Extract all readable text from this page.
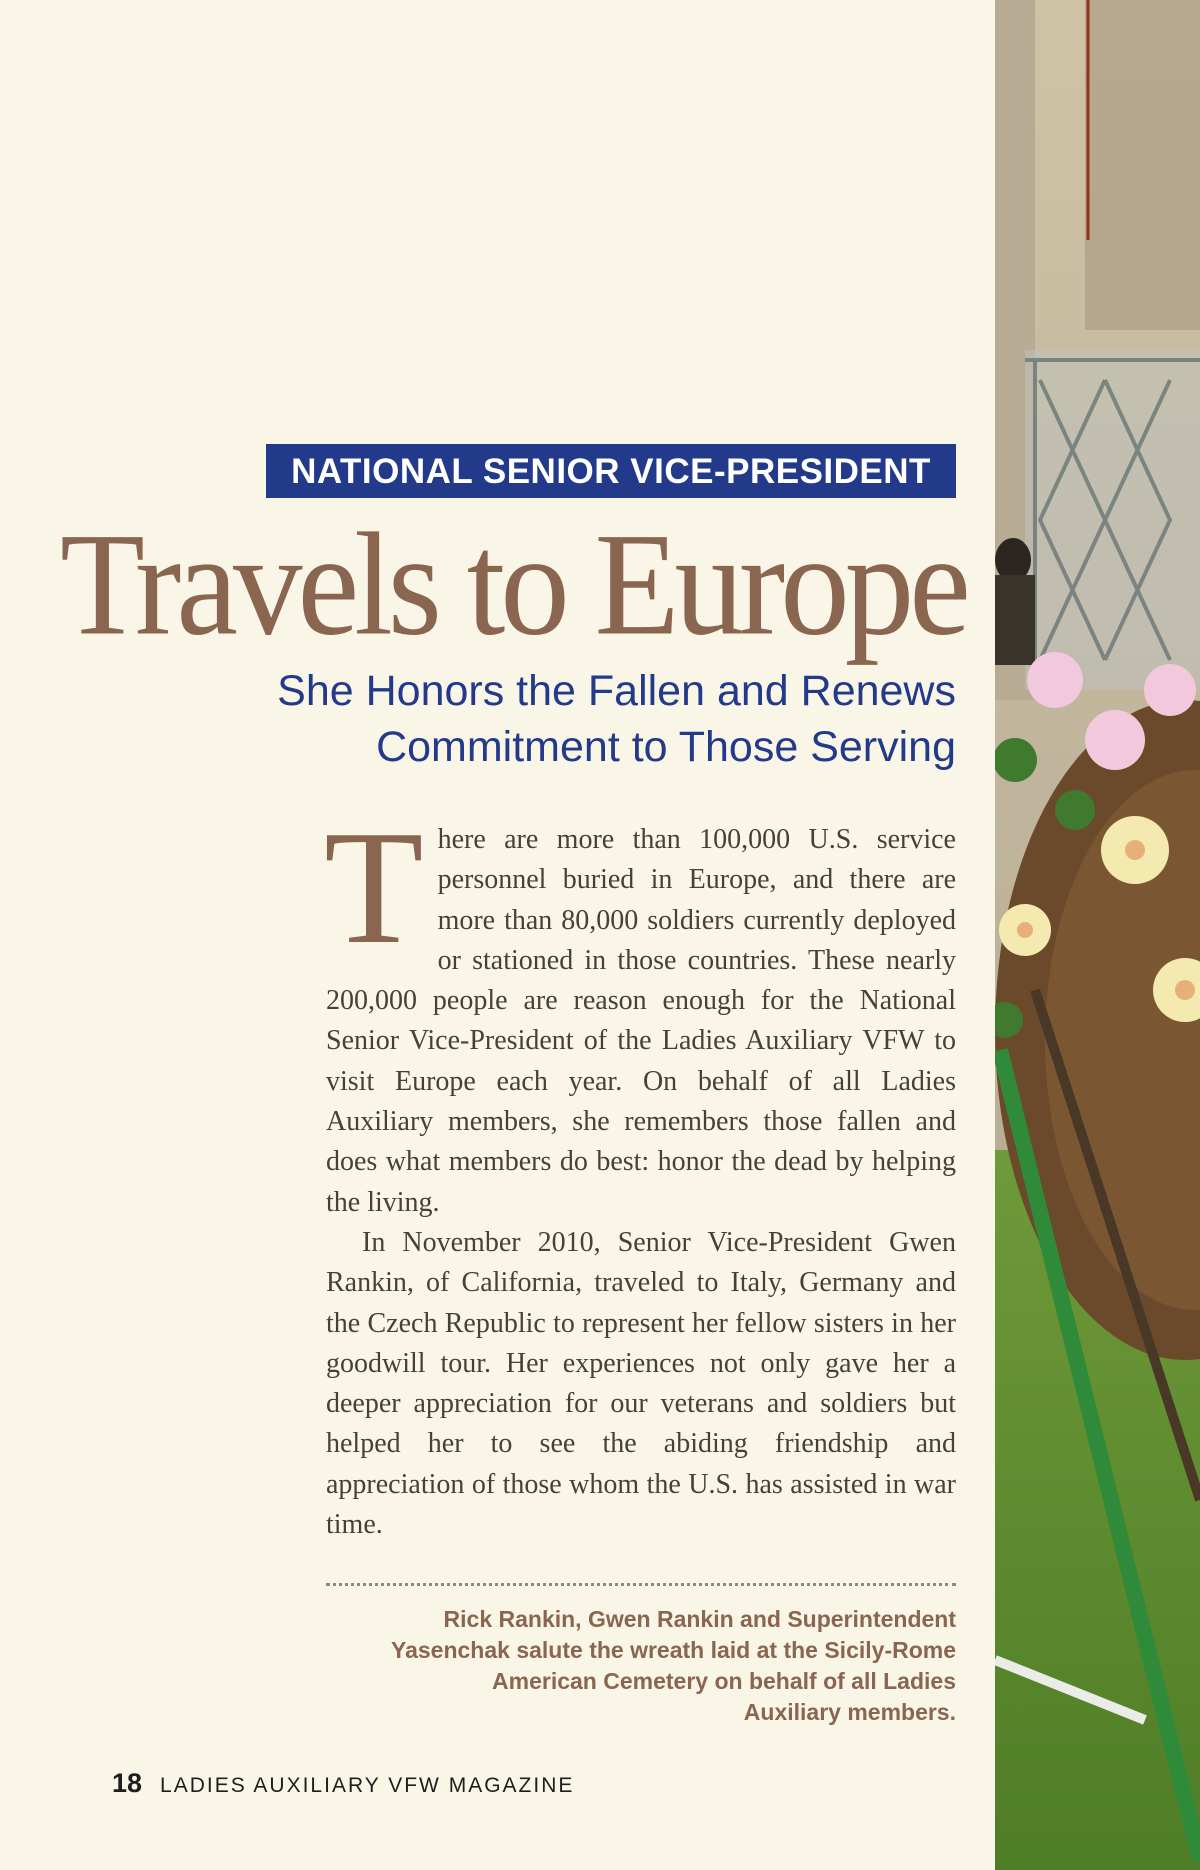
NATIONAL SENIOR VICE-PRESIDENT
Travels to Europe
She Honors the Fallen and Renews
Commitment to Those Serving

There are more than 100,000 U.S. service personnel buried in Europe, and there are more than 80,000 soldiers currently deployed or stationed in those countries. These nearly 200,000 people are reason enough for the National Senior Vice-President of the Ladies Auxiliary VFW to visit Europe each year. On behalf of all Ladies Auxiliary members, she remembers those fallen and does what members do best: honor the dead by helping the living.

In November 2010, Senior Vice-President Gwen Rankin, of California, traveled to Italy, Germany and the Czech Republic to represent her fellow sisters in her goodwill tour. Her experiences not only gave her a deeper appreciation for our veterans and soldiers but helped her to see the abiding friendship and appreciation of those whom the U.S. has assisted in war time.

Rick Rankin, Gwen Rankin and Superintendent
Yasenchak salute the wreath laid at the Sicily-Rome
American Cemetery on behalf of all Ladies
Auxiliary members.
18 LADIES AUXILIARY VFW MAGAZINE
